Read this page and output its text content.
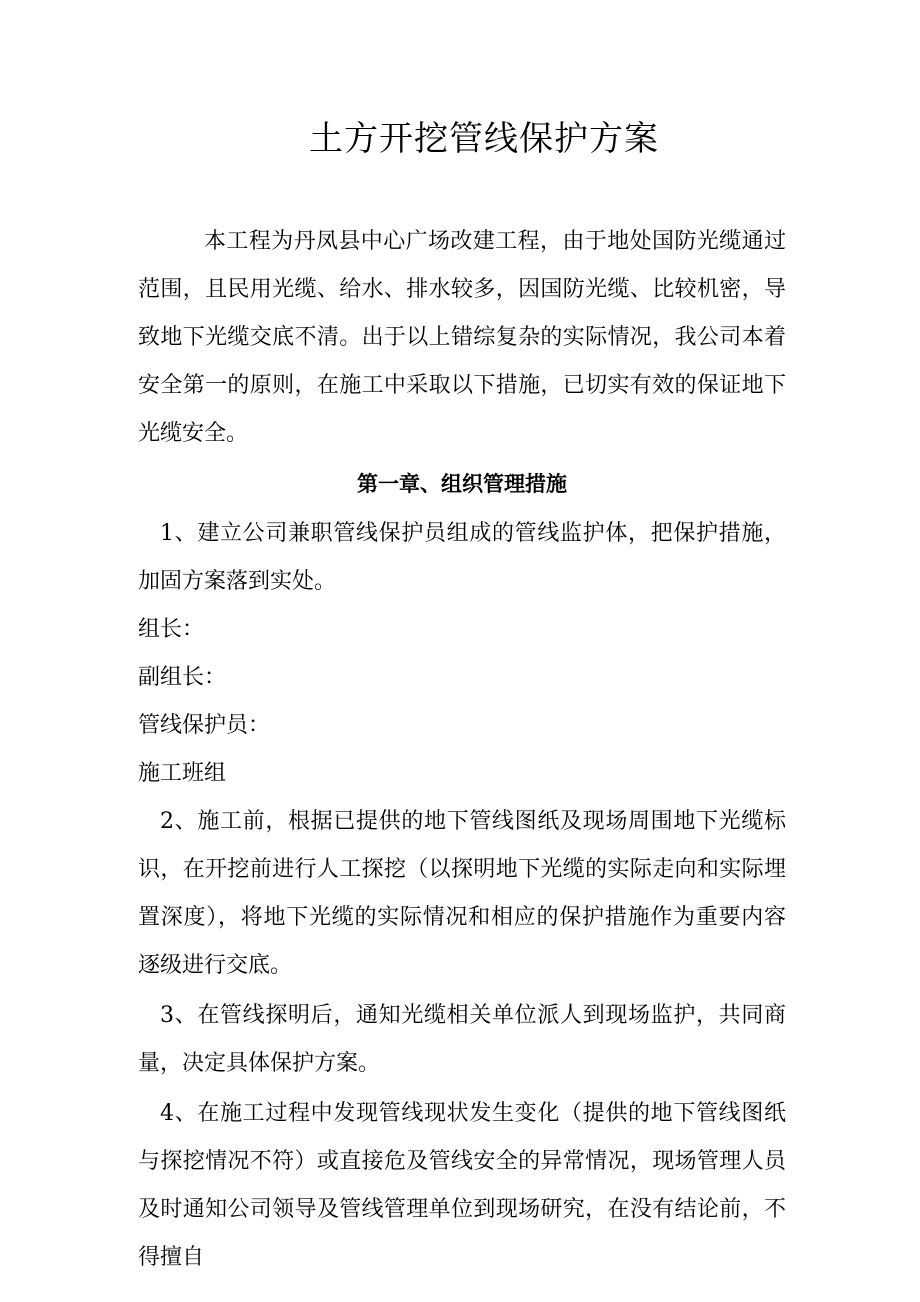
土方开挖管线保护方案

本工程为丹凤县中心广场改建工程，由于地处国防光缆通过范围，且民用光缆、给水、排水较多，因国防光缆、比较机密，导致地下光缆交底不清。出于以上错综复杂的实际情况，我公司本着安全第一的原则，在施工中采取以下措施，已切实有效的保证地下光缆安全。

第一章、组织管理措施

1、建立公司兼职管线保护员组成的管线监护体，把保护措施，加固方案落到实处。

组长：

副组长：

管线保护员：

施工班组

2、施工前，根据已提供的地下管线图纸及现场周围地下光缆标识，在开挖前进行人工探挖（以探明地下光缆的实际走向和实际埋置深度），将地下光缆的实际情况和相应的保护措施作为重要内容逐级进行交底。

3、在管线探明后，通知光缆相关单位派人到现场监护，共同商量，决定具体保护方案。

4、在施工过程中发现管线现状发生变化（提供的地下管线图纸与探挖情况不符）或直接危及管线安全的异常情况，现场管理人员及时通知公司领导及管线管理单位到现场研究，在没有结论前，不得擅自
